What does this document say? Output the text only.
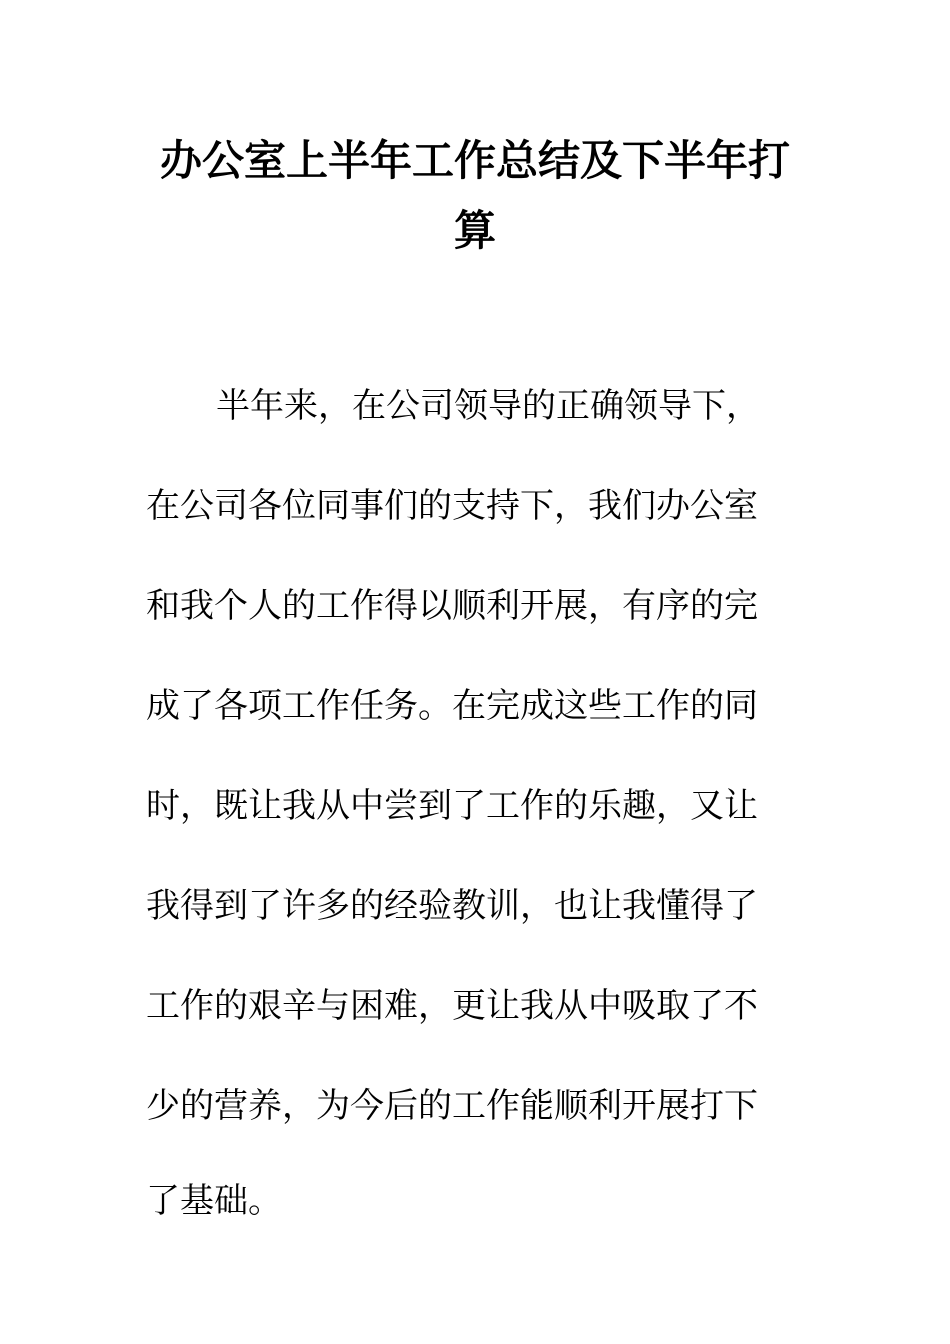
办公室上半年工作总结及下半年打
算
半年来，在公司领导的正确领导下，
在公司各位同事们的支持下，我们办公室
和我个人的工作得以顺利开展，有序的完
成了各项工作任务。在完成这些工作的同
时，既让我从中尝到了工作的乐趣，又让
我得到了许多的经验教训，也让我懂得了
工作的艰辛与困难，更让我从中吸取了不
少的营养，为今后的工作能顺利开展打下
了基础。
